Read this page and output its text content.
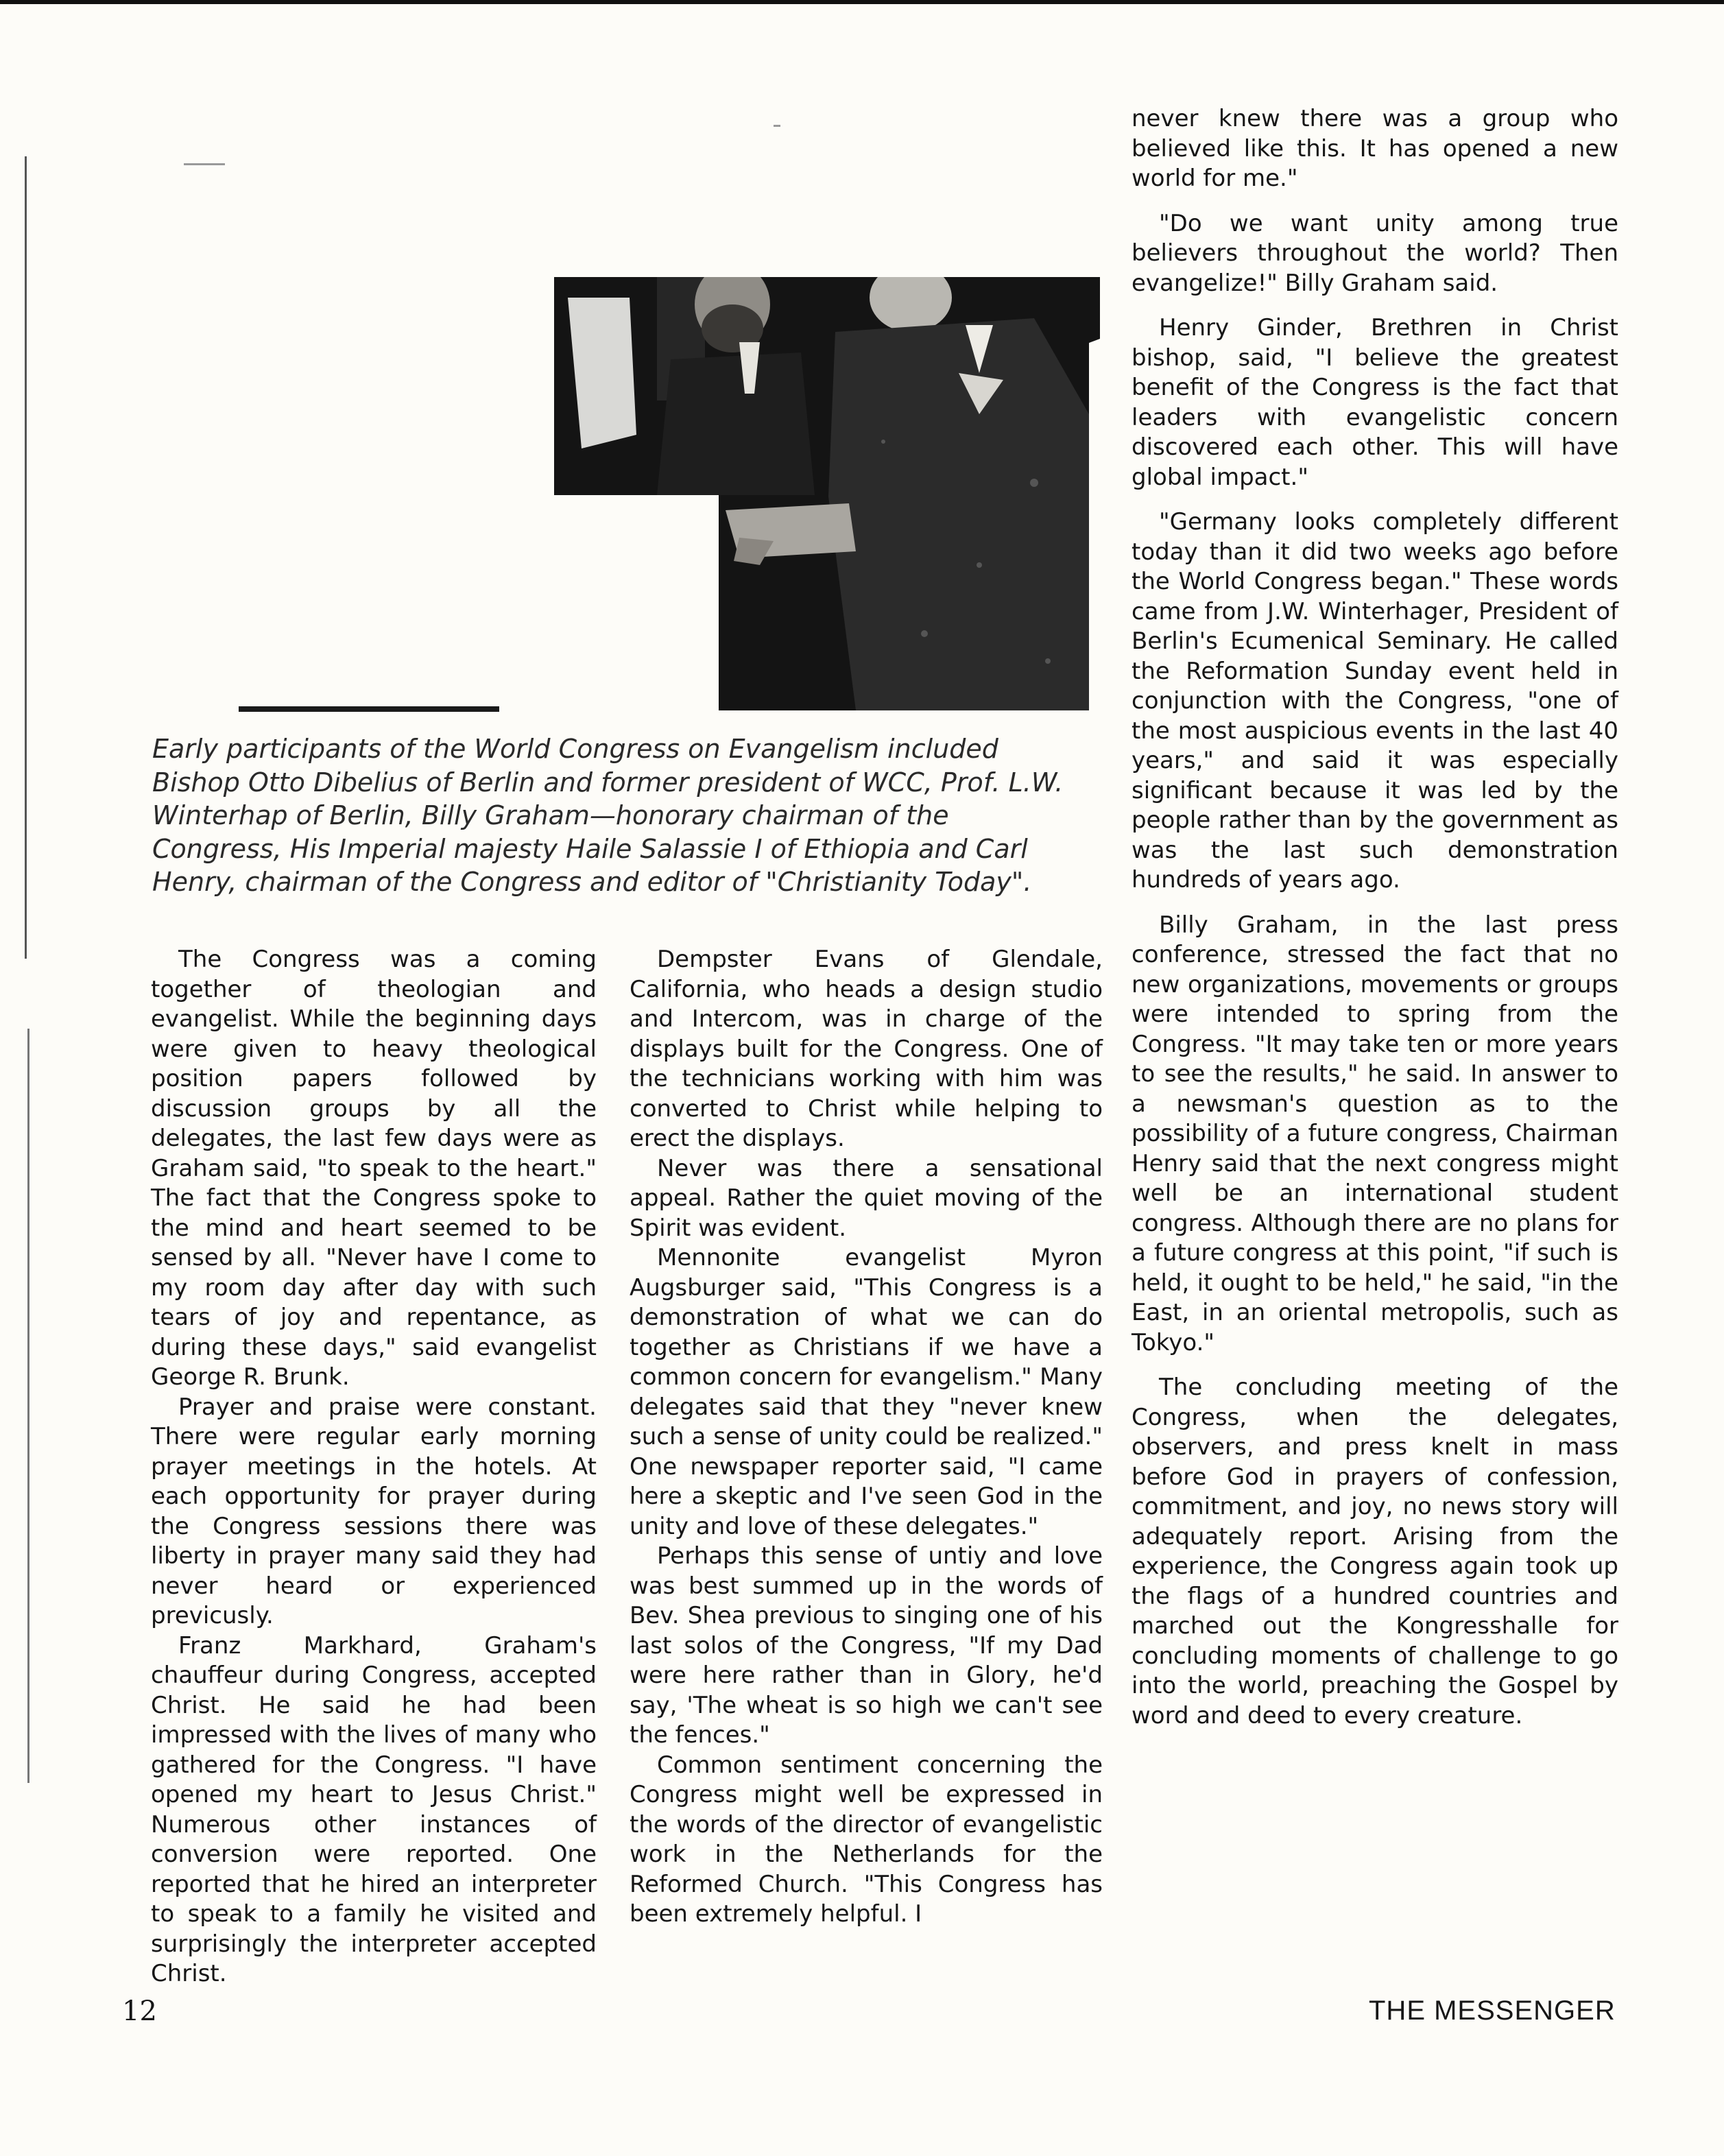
Early participants of the World Congress on Evangelism included Bishop Otto Dibelius of Berlin and former president of WCC, Prof. L.W. Winterhap of Berlin, Billy Graham—honorary chairman of the Congress, His Imperial majesty Haile Salassie I of Ethiopia and Carl Henry, chairman of the Congress and editor of "Christianity Today".

The Congress was a coming together of theologian and evangelist. While the beginning days were given to heavy theological position papers followed by discussion groups by all the delegates, the last few days were as Graham said, "to speak to the heart." The fact that the Congress spoke to the mind and heart seemed to be sensed by all. "Never have I come to my room day after day with such tears of joy and repentance, as during these days," said evangelist George R. Brunk.

Prayer and praise were constant. There were regular early morning prayer meetings in the hotels. At each opportunity for prayer during the Congress sessions there was liberty in prayer many said they had never heard or experienced previcusly.

Franz Markhard, Graham's chauffeur during Congress, accepted Christ. He said he had been impressed with the lives of many who gathered for the Congress. "I have opened my heart to Jesus Christ." Numerous other instances of conversion were reported. One reported that he hired an interpreter to speak to a family he visited and surprisingly the interpreter accepted Christ.

Dempster Evans of Glendale, California, who heads a design studio and Intercom, was in charge of the displays built for the Congress. One of the technicians working with him was converted to Christ while helping to erect the displays.

Never was there a sensational appeal. Rather the quiet moving of the Spirit was evident.

Mennonite evangelist Myron Augsburger said, "This Congress is a demonstration of what we can do together as Christians if we have a common concern for evangelism." Many delegates said that they "never knew such a sense of unity could be realized." One newspaper reporter said, "I came here a skeptic and I've seen God in the unity and love of these delegates."

Perhaps this sense of untiy and love was best summed up in the words of Bev. Shea previous to singing one of his last solos of the Congress, "If my Dad were here rather than in Glory, he'd say, 'The wheat is so high we can't see the fences."

Common sentiment concerning the Congress might well be expressed in the words of the director of evangelistic work in the Netherlands for the Reformed Church. "This Congress has been extremely helpful. I

never knew there was a group who believed like this. It has opened a new world for me."

"Do we want unity among true believers throughout the world? Then evangelize!" Billy Graham said.

Henry Ginder, Brethren in Christ bishop, said, "I believe the greatest benefit of the Congress is the fact that leaders with evangelistic concern discovered each other. This will have global impact."

"Germany looks completely different today than it did two weeks ago before the World Congress began." These words came from J.W. Winterhager, President of Berlin's Ecumenical Seminary. He called the Reformation Sunday event held in conjunction with the Congress, "one of the most auspicious events in the last 40 years," and said it was especially significant because it was led by the people rather than by the government as was the last such demonstration hundreds of years ago.

Billy Graham, in the last press conference, stressed the fact that no new organizations, movements or groups were intended to spring from the Congress. "It may take ten or more years to see the results," he said. In answer to a newsman's question as to the possibility of a future congress, Chairman Henry said that the next congress might well be an international student congress. Although there are no plans for a future congress at this point, "if such is held, it ought to be held," he said, "in the East, in an oriental metropolis, such as Tokyo."

The concluding meeting of the Congress, when the delegates, observers, and press knelt in mass before God in prayers of confession, commitment, and joy, no news story will adequately report. Arising from the experience, the Congress again took up the flags of a hundred countries and marched out the Kongresshalle for concluding moments of challenge to go into the world, preaching the Gospel by word and deed to every creature.

12	THE MESSENGER
